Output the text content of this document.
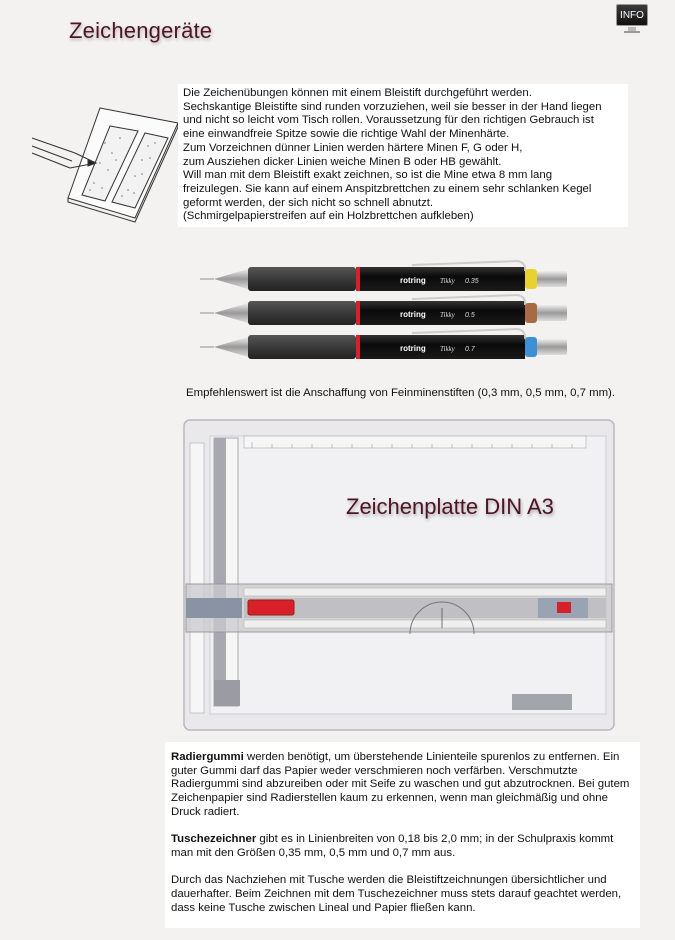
Zeichengeräte
INFO

Die Zeichenübungen können mit einem Bleistift durchgeführt werden.

Sechskantige Bleistifte sind runden vorzuziehen, weil sie besser in der Hand liegen

und nicht so leicht vom Tisch rollen. Voraussetzung für den richtigen Gebrauch ist

eine einwandfreie Spitze sowie die richtige Wahl der Minenhärte.

Zum Vorzeichnen dünner Linien werden härtere Minen F, G oder H,

zum Ausziehen dicker Linien weiche Minen B oder HB gewählt.

Will man mit dem Bleistift exakt zeichnen, so ist die Mine etwa 8 mm lang

freizulegen. Sie kann auf einem Anspitzbrettchen zu einem sehr schlanken Kegel

geformt werden, der sich nicht so schnell abnutzt.

(Schmirgelpapierstreifen auf ein Holzbrettchen aufkleben)

rotring Tikky 0.35
rotring Tikky 0.5
rotring Tikky 0.7
Empfehlenswert ist die Anschaffung von Feinminenstiften (0,3 mm, 0,5 mm, 0,7 mm).
Zeichenplatte DIN A3

Radiergummi werden benötigt, um überstehende Linienteile spurenlos zu entfernen. Ein guter Gummi darf das Papier weder verschmieren noch verfärben. Verschmutzte Radiergummi sind abzureiben oder mit Seife zu waschen und gut abzutrocknen. Bei gutem Zeichenpapier sind Radierstellen kaum zu erkennen, wenn man gleichmäßig und ohne Druck radiert.

Tuschezeichner gibt es in Linienbreiten von 0,18 bis 2,0 mm; in der Schulpraxis kommt man mit den Größen 0,35 mm, 0,5 mm und 0,7 mm aus.

Durch das Nachziehen mit Tusche werden die Bleistiftzeichnungen übersichtlicher und dauerhafter. Beim Zeichnen mit dem Tuschezeichner muss stets darauf geachtet werden, dass keine Tusche zwischen Lineal und Papier fließen kann.
